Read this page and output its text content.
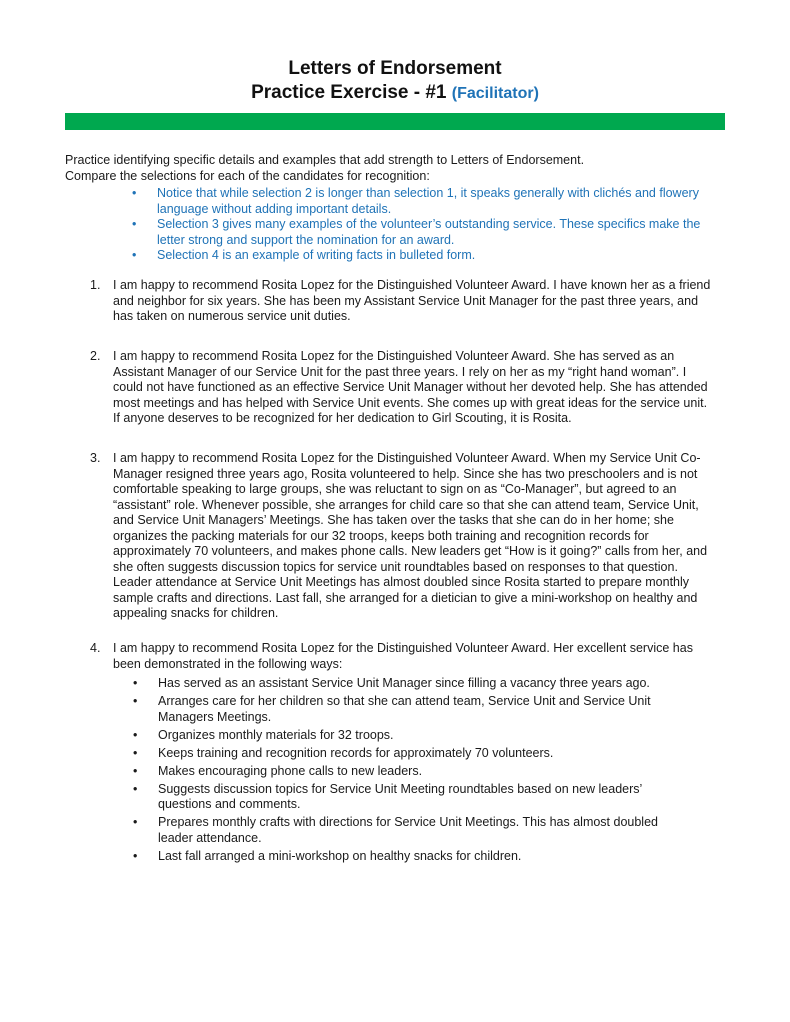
Letters of Endorsement
Practice Exercise - #1 (Facilitator)
Practice identifying specific details and examples that add strength to Letters of Endorsement.
Compare the selections for each of the candidates for recognition:
• Notice that while selection 2 is longer than selection 1, it speaks generally with clichés and flowery language without adding important details.
• Selection 3 gives many examples of the volunteer’s outstanding service. These specifics make the letter strong and support the nomination for an award.
• Selection 4 is an example of writing facts in bulleted form.
1. I am happy to recommend Rosita Lopez for the Distinguished Volunteer Award. I have known her as a friend and neighbor for six years. She has been my Assistant Service Unit Manager for the past three years, and has taken on numerous service unit duties.
2. I am happy to recommend Rosita Lopez for the Distinguished Volunteer Award. She has served as an Assistant Manager of our Service Unit for the past three years. I rely on her as my “right hand woman”. I could not have functioned as an effective Service Unit Manager without her devoted help. She has attended most meetings and has helped with Service Unit events. She comes up with great ideas for the service unit. If anyone deserves to be recognized for her dedication to Girl Scouting, it is Rosita.
3. I am happy to recommend Rosita Lopez for the Distinguished Volunteer Award. When my Service Unit Co-Manager resigned three years ago, Rosita volunteered to help. Since she has two preschoolers and is not comfortable speaking to large groups, she was reluctant to sign on as “Co-Manager”, but agreed to an “assistant” role. Whenever possible, she arranges for child care so that she can attend team, Service Unit, and Service Unit Managers’ Meetings. She has taken over the tasks that she can do in her home; she organizes the packing materials for our 32 troops, keeps both training and recognition records for approximately 70 volunteers, and makes phone calls. New leaders get “How is it going?” calls from her, and she often suggests discussion topics for service unit roundtables based on responses to that question. Leader attendance at Service Unit Meetings has almost doubled since Rosita started to prepare monthly sample crafts and directions. Last fall, she arranged for a dietician to give a mini-workshop on healthy and appealing snacks for children.
4. I am happy to recommend Rosita Lopez for the Distinguished Volunteer Award. Her excellent service has been demonstrated in the following ways:
• Has served as an assistant Service Unit Manager since filling a vacancy three years ago.
• Arranges care for her children so that she can attend team, Service Unit and Service Unit Managers Meetings.
• Organizes monthly materials for 32 troops.
• Keeps training and recognition records for approximately 70 volunteers.
• Makes encouraging phone calls to new leaders.
• Suggests discussion topics for Service Unit Meeting roundtables based on new leaders’ questions and comments.
• Prepares monthly crafts with directions for Service Unit Meetings. This has almost doubled leader attendance.
• Last fall arranged a mini-workshop on healthy snacks for children.
